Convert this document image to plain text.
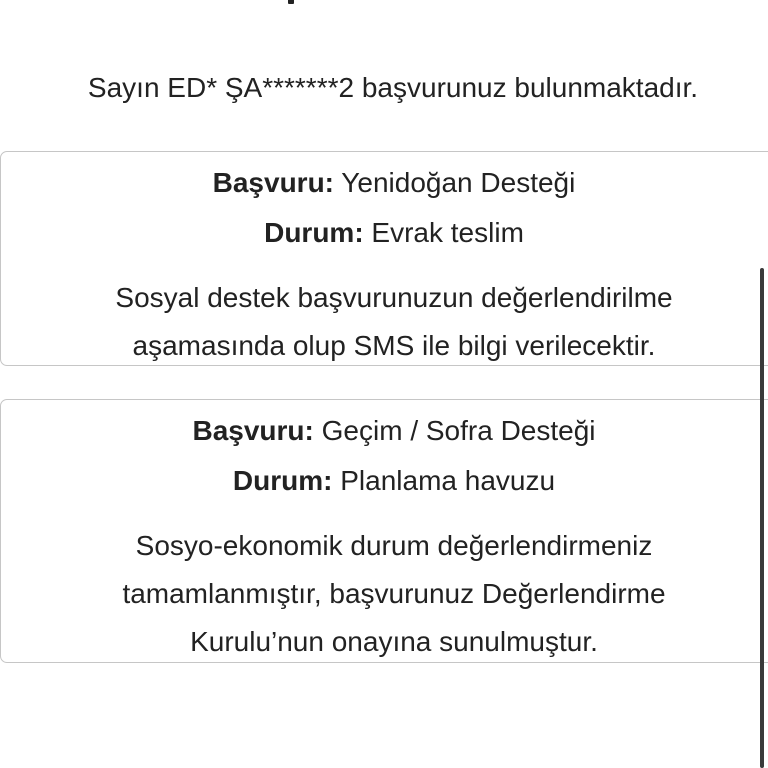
Sayın ED* ŞA*******2 başvurunuz bulunmaktadır.
Başvuru: Yenidoğan Desteği
Durum: Evrak teslim
Sosyal destek başvurunuzun değerlendirilme
aşamasında olup SMS ile bilgi verilecektir.
Başvuru: Geçim / Sofra Desteği
Durum: Planlama havuzu
Sosyo-ekonomik durum değerlendirmeniz
tamamlanmıştır, başvurunuz Değerlendirme
Kurulu’nun onayına sunulmuştur.
